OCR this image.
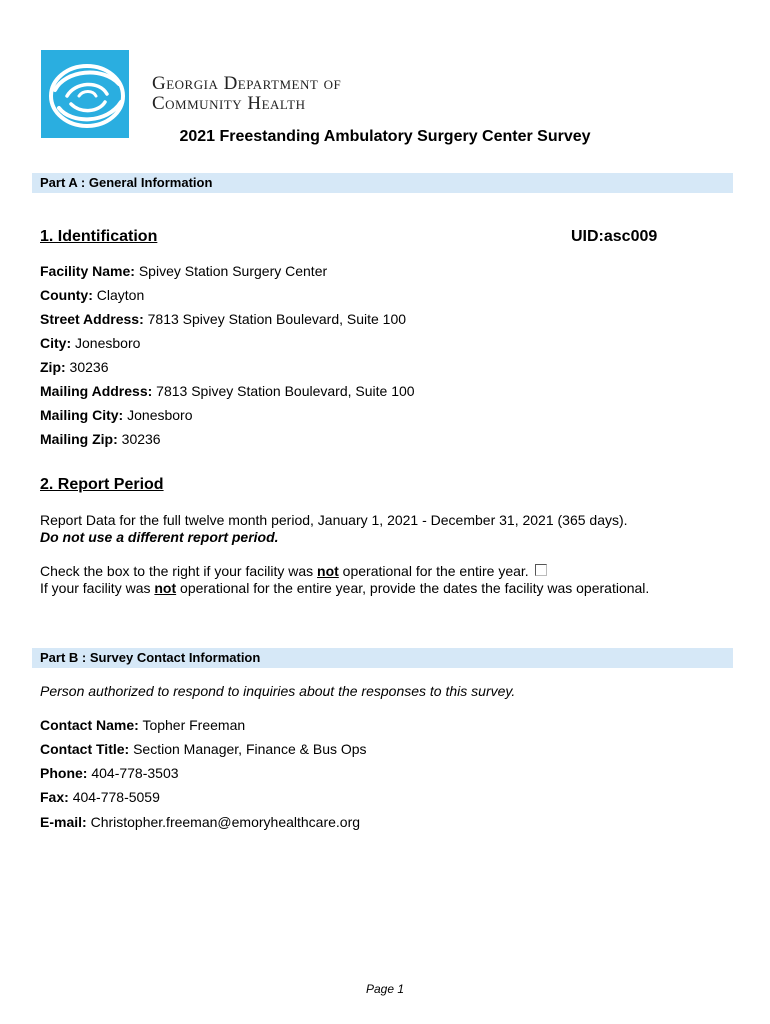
Georgia Department of
Community Health
2021 Freestanding Ambulatory Surgery Center Survey
Part A : General Information
1. Identification	UID:asc009
Facility Name: Spivey Station Surgery Center
County: Clayton
Street Address: 7813 Spivey Station Boulevard, Suite 100
City: Jonesboro
Zip: 30236
Mailing Address: 7813 Spivey Station Boulevard, Suite 100
Mailing City: Jonesboro
Mailing Zip: 30236
2. Report Period
Report Data for the full twelve month period, January 1, 2021 - December 31, 2021 (365 days).
Do not use a different report period.
Check the box to the right if your facility was not operational for the entire year.
If your facility was not operational for the entire year, provide the dates the facility was operational.
Part B : Survey Contact Information
Person authorized to respond to inquiries about the responses to this survey.
Contact Name: Topher Freeman
Contact Title: Section Manager, Finance & Bus Ops
Phone: 404-778-3503
Fax: 404-778-5059
E-mail: Christopher.freeman@emoryhealthcare.org
Page 1
